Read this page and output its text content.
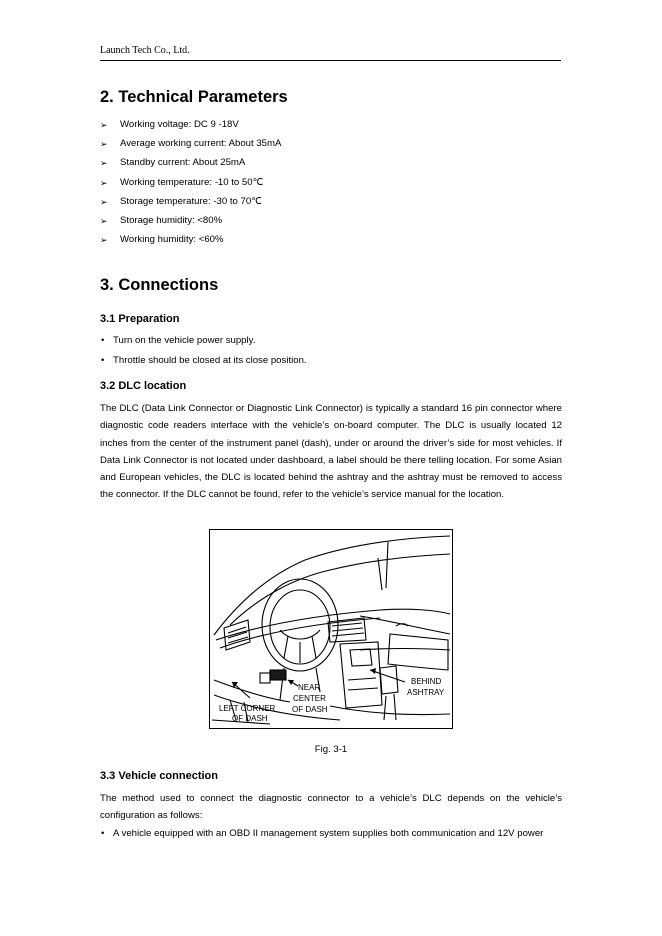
Launch Tech Co., Ltd.
2. Technical Parameters
➢ Working voltage: DC 9 -18V
➢ Average working current: About 35mA
➢ Standby current: About 25mA
➢ Working temperature: -10 to 50℃
➢ Storage temperature: -30 to 70℃
➢ Storage humidity: <80%
➢ Working humidity: <60%
3. Connections
3.1 Preparation
• Turn on the vehicle power supply.
• Throttle should be closed at its close position.
3.2 DLC location

The DLC (Data Link Connector or Diagnostic Link Connector) is typically a standard 16 pin connector where diagnostic code readers interface with the vehicle’s on-board computer. The DLC is usually located 12 inches from the center of the instrument panel (dash), under or around the driver’s side for most vehicles. If Data Link Connector is not located under dashboard, a label should be there telling location. For some Asian and European vehicles, the DLC is located behind the ashtray and the ashtray must be removed to access the connector. If the DLC cannot be found, refer to the vehicle’s service manual for the location.

NEAR
CENTER
OF DASH
LEFT CORNER
OF DASH
BEHIND
ASHTRAY
Fig. 3-1
3.3 Vehicle connection

The method used to connect the diagnostic connector to a vehicle’s DLC depends on the vehicle’s configuration as follows:

• A vehicle equipped with an OBD II management system supplies both communication and 12V power
